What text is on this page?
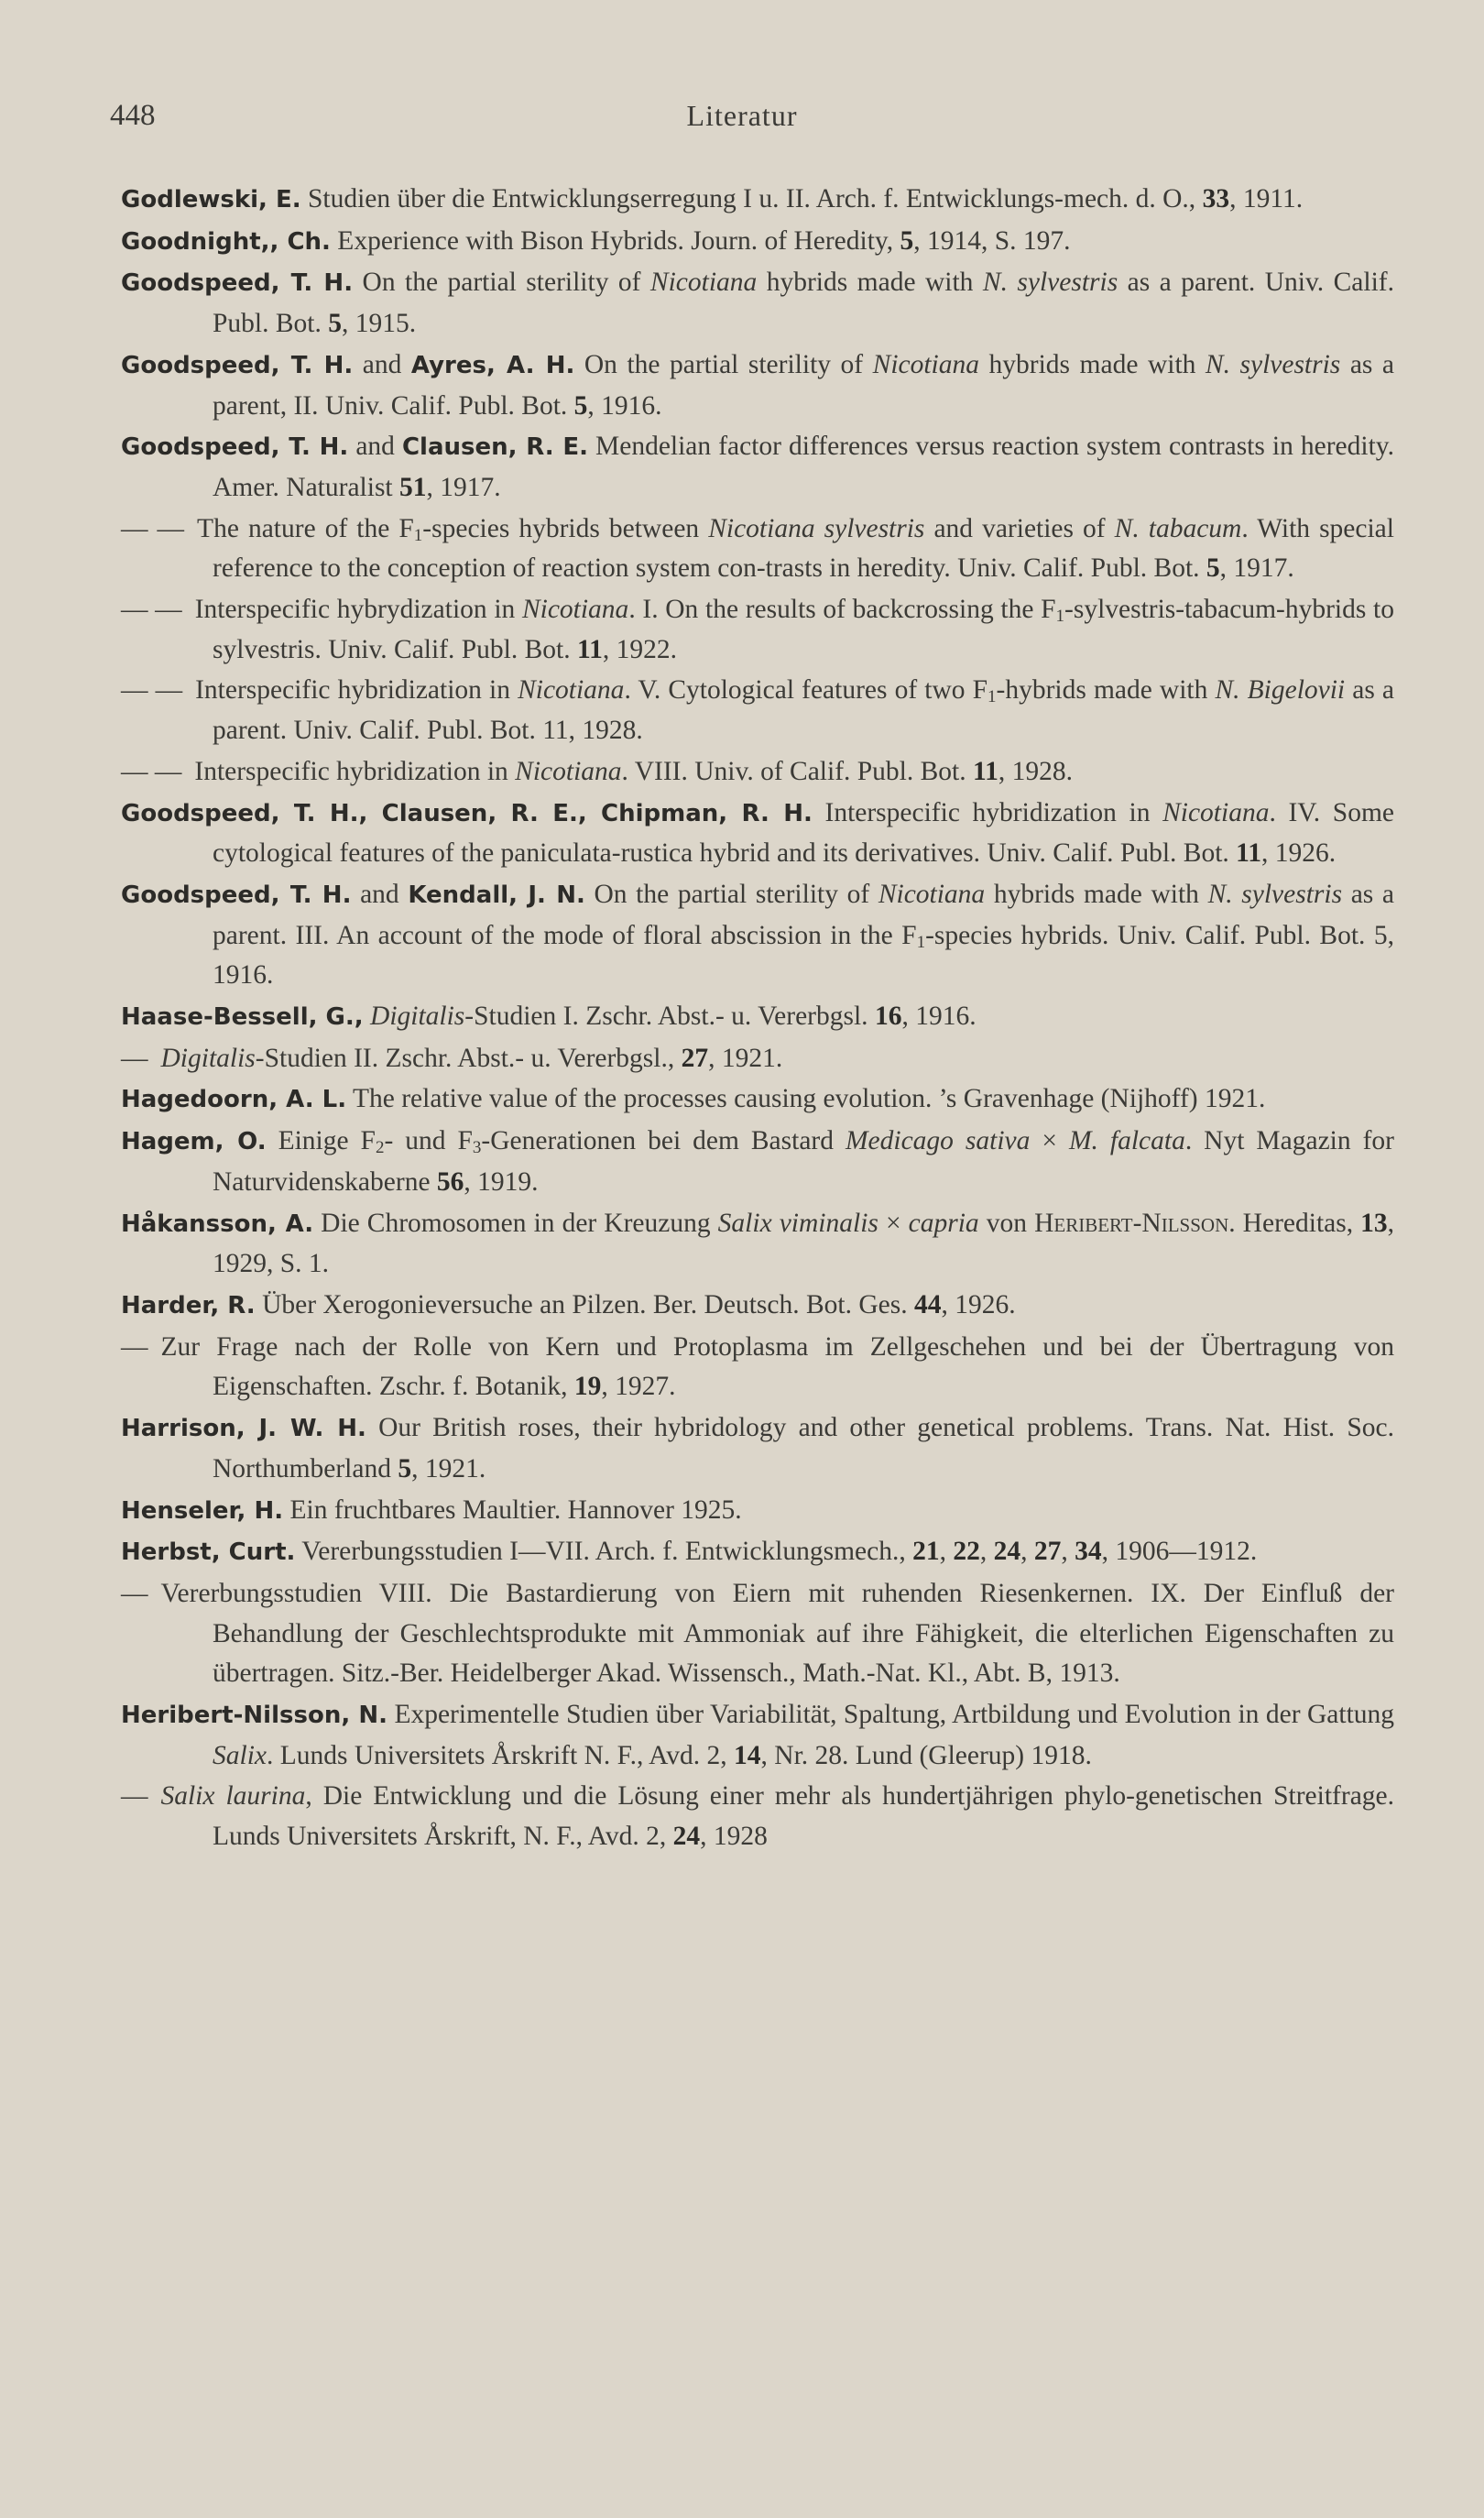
448	Literatur

Godlewski, E. Studien über die Entwicklungserregung I u. II. Arch. f. Entwicklungs-mech. d. O., 33, 1911.

Goodnight,, Ch. Experience with Bison Hybrids. Journ. of Heredity, 5, 1914, S. 197.

Goodspeed, T. H. On the partial sterility of Nicotiana hybrids made with N. sylvestris as a parent. Univ. Calif. Publ. Bot. 5, 1915.

Goodspeed, T. H. and Ayres, A. H. On the partial sterility of Nicotiana hybrids made with N. sylvestris as a parent, II. Univ. Calif. Publ. Bot. 5, 1916.

Goodspeed, T. H. and Clausen, R. E. Mendelian factor differences versus reaction system contrasts in heredity. Amer. Naturalist 51, 1917.

— — The nature of the $F_1$-species hybrids between Nicotiana sylvestris and varieties of N. tabacum. With special reference to the conception of reaction system con-trasts in heredity. Univ. Calif. Publ. Bot. 5, 1917.

— — Interspecific hybrydization in Nicotiana. I. On the results of backcrossing the $F_1-sylvestris-tabacum$-hybrids to sylvestris. Univ. Calif. Publ. Bot. 11, 1922.

— — Interspecific hybridization in Nicotiana. V. Cytological features of two $F_1$-hybrids made with N. Bigelovii as a parent. Univ. Calif. Publ. Bot. 11, 1928.

— — Interspecific hybridization in Nicotiana. VIII. Univ. of Calif. Publ. Bot. 11, 1928.

Goodspeed, T. H., Clausen, R. E., Chipman, R. H. Interspecific hybridization in Nicotiana. IV. Some cytological features of the paniculata-rustica hybrid and its derivatives. Univ. Calif. Publ. Bot. 11, 1926.

Goodspeed, T. H. and Kendall, J. N. On the partial sterility of Nicotiana hybrids made with N. sylvestris as a parent. III. An account of the mode of floral abscission in the $F_1$-species hybrids. Univ. Calif. Publ. Bot. 5, 1916.

Haase-Bessell, G., Digitalis-Studien I. Zschr. Abst.- u. Vererbgsl. 16, 1916.

— Digitalis-Studien II. Zschr. Abst.- u. Vererbgsl., 27, 1921.

Hagedoorn, A. L. The relative value of the processes causing evolution. ’s Gravenhage (Nijhoff) 1921.

Hagem, O. Einige $F_2-$ und $F_3$-Generationen bei dem Bastard Medicago sativa × M. falcata. Nyt Magazin for Naturvidenskaberne 56, 1919.

Håkansson, A. Die Chromosomen in der Kreuzung Salix viminalis × capria von Heribert-Nilsson. Hereditas, 13, 1929, S. 1.

Harder, R. Über Xerogonieversuche an Pilzen. Ber. Deutsch. Bot. Ges. 44, 1926.

— Zur Frage nach der Rolle von Kern und Protoplasma im Zellgeschehen und bei der Übertragung von Eigenschaften. Zschr. f. Botanik, 19, 1927.

Harrison, J. W. H. Our British roses, their hybridology and other genetical problems. Trans. Nat. Hist. Soc. Northumberland 5, 1921.

Henseler, H. Ein fruchtbares Maultier. Hannover 1925.

Herbst, Curt. Vererbungsstudien I—VII. Arch. f. Entwicklungsmech., 21, 22, 24, 27, 34, 1906—1912.

— Vererbungsstudien VIII. Die Bastardierung von Eiern mit ruhenden Riesenkernen. IX. Der Einfluß der Behandlung der Geschlechtsprodukte mit Ammoniak auf ihre Fähigkeit, die elterlichen Eigenschaften zu übertragen. Sitz.-Ber. Heidelberger Akad. Wissensch., Math.-Nat. Kl., Abt. B, 1913.

Heribert-Nilsson, N. Experimentelle Studien über Variabilität, Spaltung, Artbildung und Evolution in der Gattung Salix. Lunds Universitets Årskrift N. F., Avd. 2, 14, Nr. 28. Lund (Gleerup) 1918.

— Salix laurina, Die Entwicklung und die Lösung einer mehr als hundertjährigen phylo-genetischen Streitfrage. Lunds Universitets Årskrift, N. F., Avd. 2, 24, 1928
